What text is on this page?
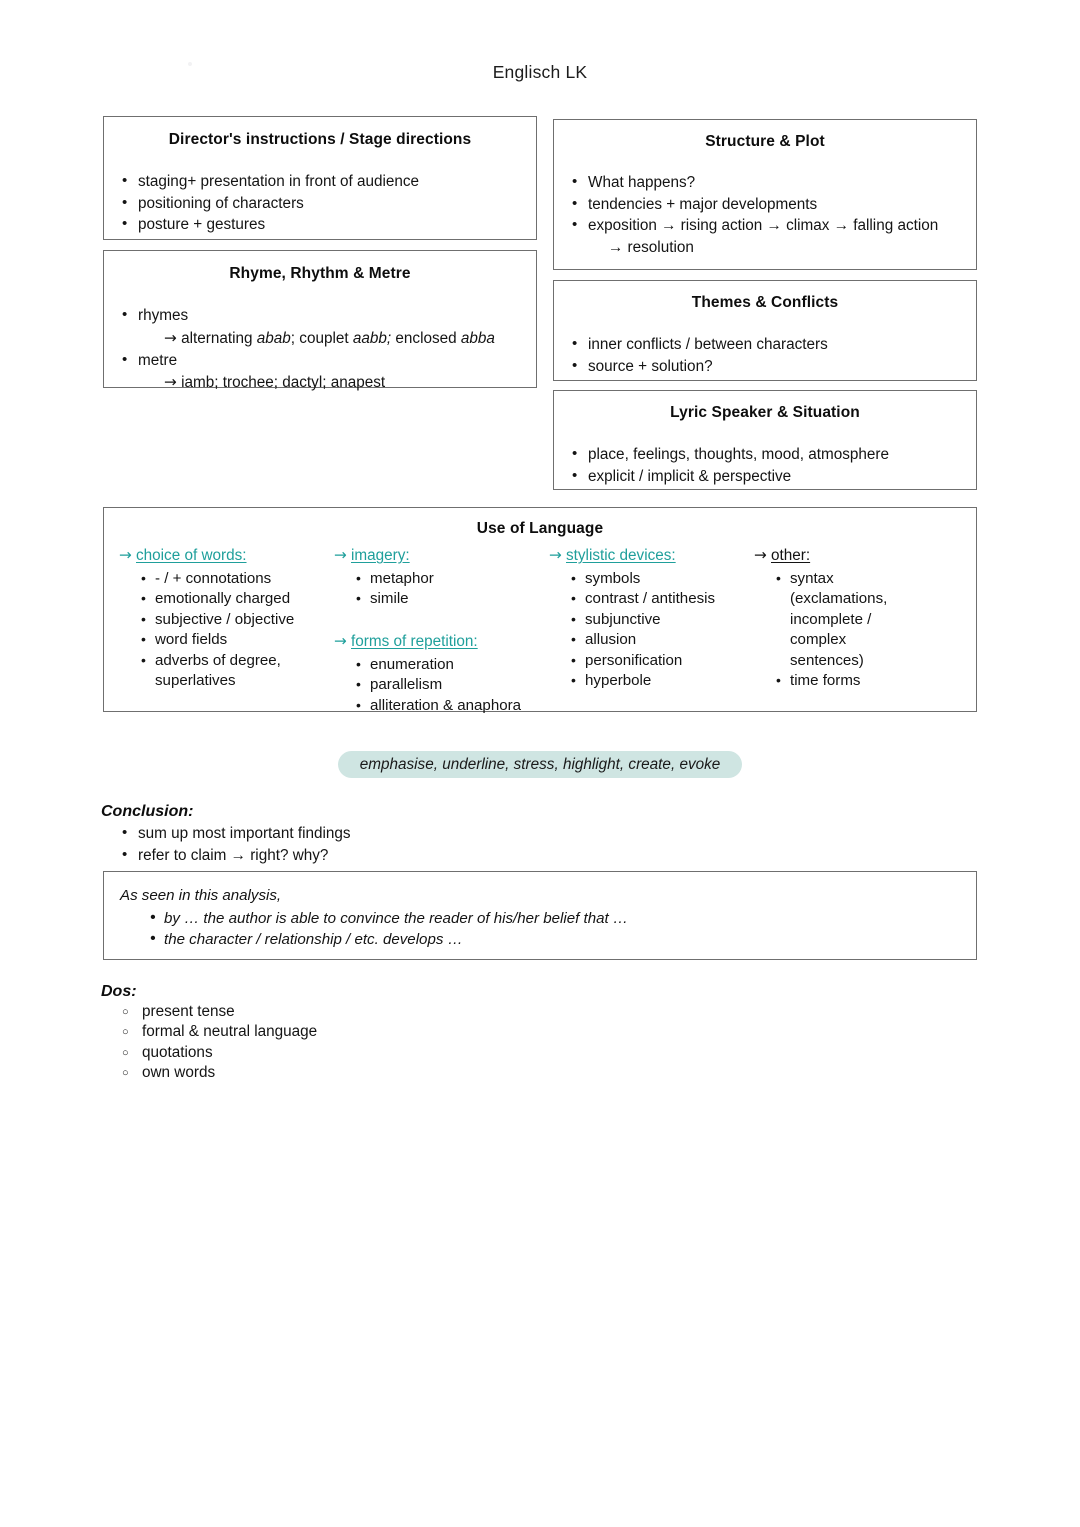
Englisch LK
Director's instructions / Stage directions
• staging+ presentation in front of audience
• positioning of characters
• posture + gestures
Rhyme, Rhythm & Metre
• rhymes
→ alternating abab; couplet aabb; enclosed abba
• metre
→ iamb; trochee; dactyl; anapest
Structure & Plot
• What happens?
• tendencies + major developments
• exposition → rising action → climax → falling action
→ resolution
Themes & Conflicts
• inner conflicts / between characters
• source + solution?
Lyric Speaker & Situation
• place, feelings, thoughts, mood, atmosphere
• explicit / implicit & perspective
Use of Language
→ choice of words:
• - / + connotations
• emotionally charged
• subjective / objective
• word fields
• adverbs of degree,
superlatives
→ imagery:
• metaphor
• simile
→ forms of repetition:
• enumeration
• parallelism
• alliteration & anaphora
→ stylistic devices:
• symbols
• contrast / antithesis
• subjunctive
• allusion
• personification
• hyperbole
→ other:
• syntax
(exclamations,
incomplete /
complex
sentences)
• time forms
emphasise, underline, stress, highlight, create, evoke
Conclusion:
• sum up most important findings
• refer to claim → right? why?
As seen in this analysis,
• by … the author is able to convince the reader of his/her belief that …
• the character / relationship / etc. develops …
Dos:
○ present tense
○ formal & neutral language
○ quotations
○ own words
